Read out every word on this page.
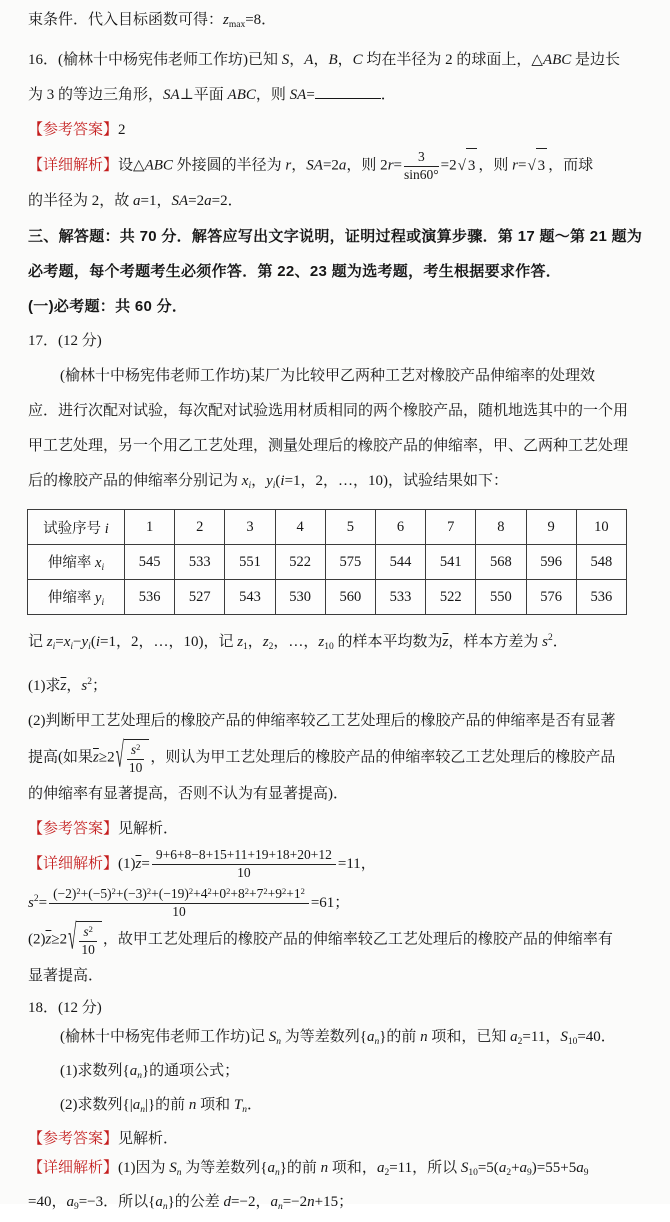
束条件．代入目标函数可得：$z_{max}=8$．
16．(榆林十中杨宪伟老师工作坊)已知 S，A，B，C 均在半径为 2 的球面上，△ABC 是边长
为 3 的等边三角形，SA⊥平面 ABC，则 SA=	．
【参考答案】2
【详细解析】设△ABC 外接圆的半径为 r，SA=2a，则 $2r= \frac{3}{\sin 60^\circ} =2$ √ 3 ，则 r= √ 3 ，而球
的半径为 2，故 a=1，SA=2a=2．
三、解答题：共 70 分．解答应写出文字说明，证明过程或演算步骤．第 17 题～第 21 题为
必考题，每个考题考生必须作答．第 22、23 题为选考题，考生根据要求作答．
(一)必考题：共 60 分．
17．(12 分)
(榆林十中杨宪伟老师工作坊)某厂为比较甲乙两种工艺对橡胶产品伸缩率的处理效
应．进行次配对试验，每次配对试验选用材质相同的两个橡胶产品，随机地选其中的一个用
甲工艺处理，另一个用乙工艺处理，测量处理后的橡胶产品的伸缩率，甲、乙两种工艺处理
后的橡胶产品的伸缩率分别记为 $x_i$，$y_i(i=1$，2，…，10)，试验结果如下：
试验序号 i	1	2	3	4	5	6	7	8	9	10
伸缩率 $x_i$	545	533	551	522	575	544	541	568	596	548
伸缩率 $y_i$	536	527	543	530	560	533	522	550	576	536
记 $z_i=x_i-y_i(i=1$，2，…，10)，记 $z_1$，$z_2$，…，$z_{10}$ 的样本平均数为$\overline{z}$，样本方差为 $s^2$．
(1)求$\overline{z}$，$s^2$；
(2)判断甲工艺处理后的橡胶产品的伸缩率较乙工艺处理后的橡胶产品的伸缩率是否有显著
提高(如果$\overline{z}\ge 2$ √ $\frac{s^2}{10}$ ，则认为甲工艺处理后的橡胶产品的伸缩率较乙工艺处理后的橡胶产品
的伸缩率有显著提高，否则不认为有显著提高)．
【参考答案】见解析．
【详细解析】$(1)\overline{z}= \frac{9+6+8-8+15+11+19+18+20+12}{10} =11$，
$s^2= \frac{(-2)^2+(-5)^2+(-3)^2+(-19)^2+4^2+0^2+8^2+7^2+9^2+1^2}{10} =61$；
$(2)\overline{z}\ge 2$ √ $\frac{s^2}{10}$ ，故甲工艺处理后的橡胶产品的伸缩率较乙工艺处理后的橡胶产品的伸缩率有
显著提高．
18．(12 分)
(榆林十中杨宪伟老师工作坊)记 $S_n$ 为等差数列$\{a_n\}$的前 n 项和，已知 $a_2=11$，$S_{10}=40$．
(1)求数列$\{a_n\}$的通项公式；
(2)求数列$\{|a_n|\}$的前 n 项和 $T_n$．
【参考答案】见解析．
【详细解析】(1)因为 $S_n$ 为等差数列$\{a_n\}$的前 n 项和，$a_2=11$，所以 $S_{10}=5(a_2+a_9)=55+5a_9$
=40，$a_9=-3$．所以$\{a_n\}$的公差 d=−2，$a_n=-2n+15$；
